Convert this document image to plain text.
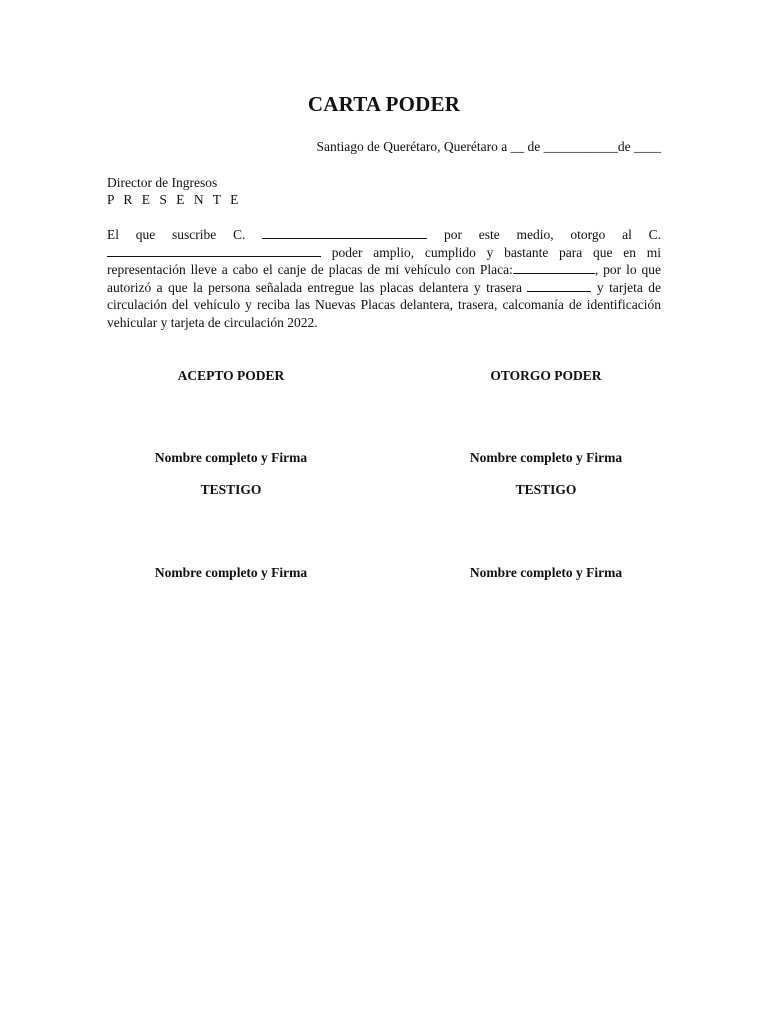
CARTA PODER
Santiago de Querétaro, Querétaro a __ de ___________de ____
Director de Ingresos
P R E S E N T E
El que suscribe C.	por este medio, otorgo al C.  poder amplio, cumplido y bastante para que en mi representación lleve a cabo el canje de placas de mi vehículo con Placa:	, por lo que autorizó a que la persona señalada entregue las placas delantera y trasera	y tarjeta de circulación del vehículo y reciba las Nuevas Placas delantera, trasera, calcomanía de identificación vehicular y tarjeta de circulación 2022.
ACEPTO PODER	OTORGO PODER
Nombre completo y Firma	Nombre completo y Firma
TESTIGO	TESTIGO
Nombre completo y Firma	Nombre completo y Firma
